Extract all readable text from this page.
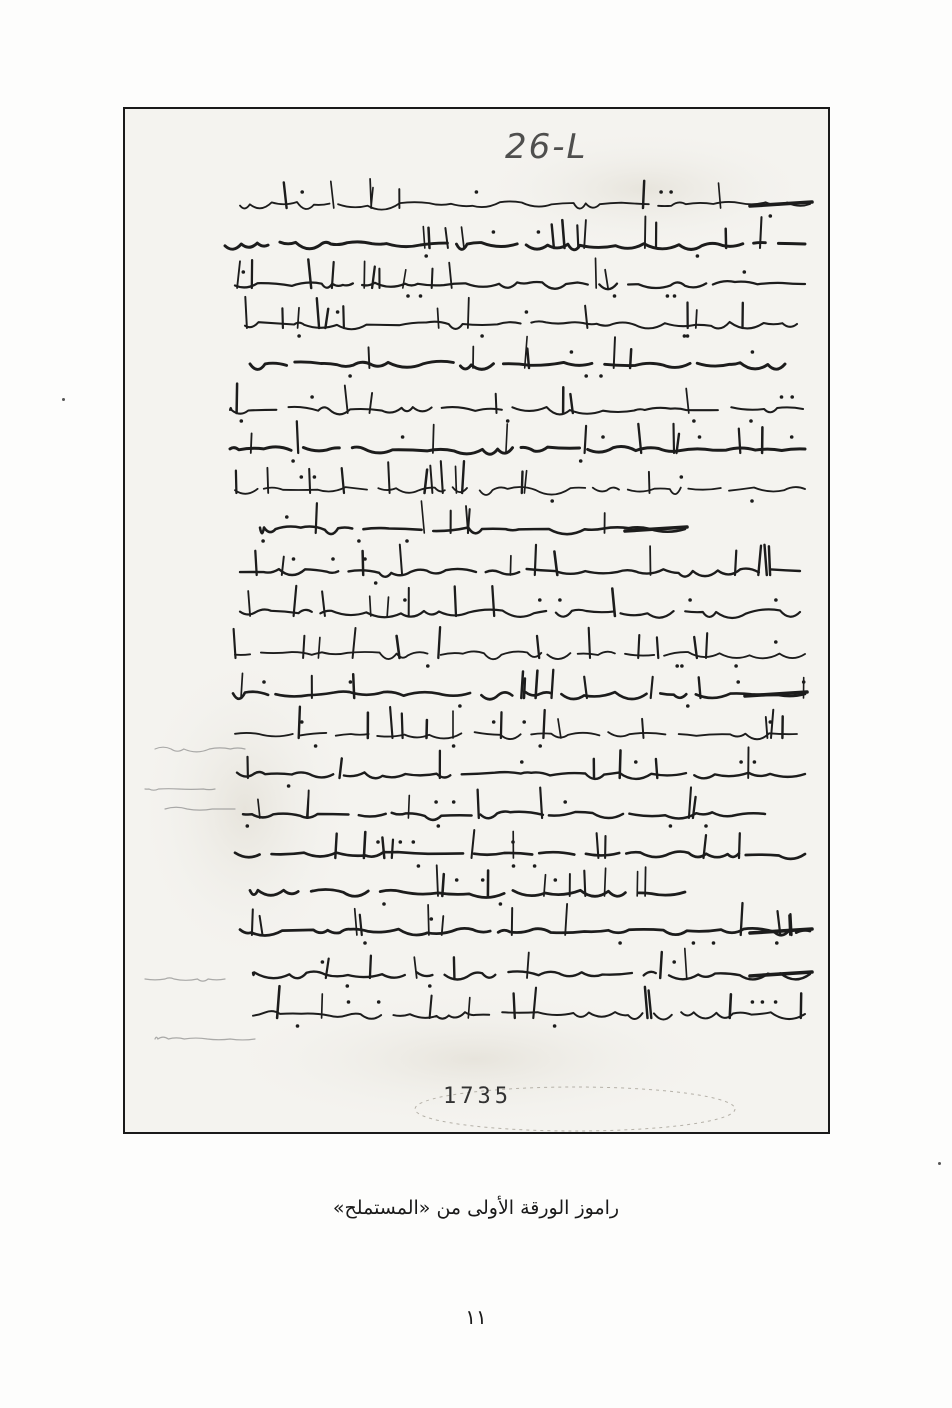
26-L
1735
راموز الورقة الأولى من «المستملح»
١١
